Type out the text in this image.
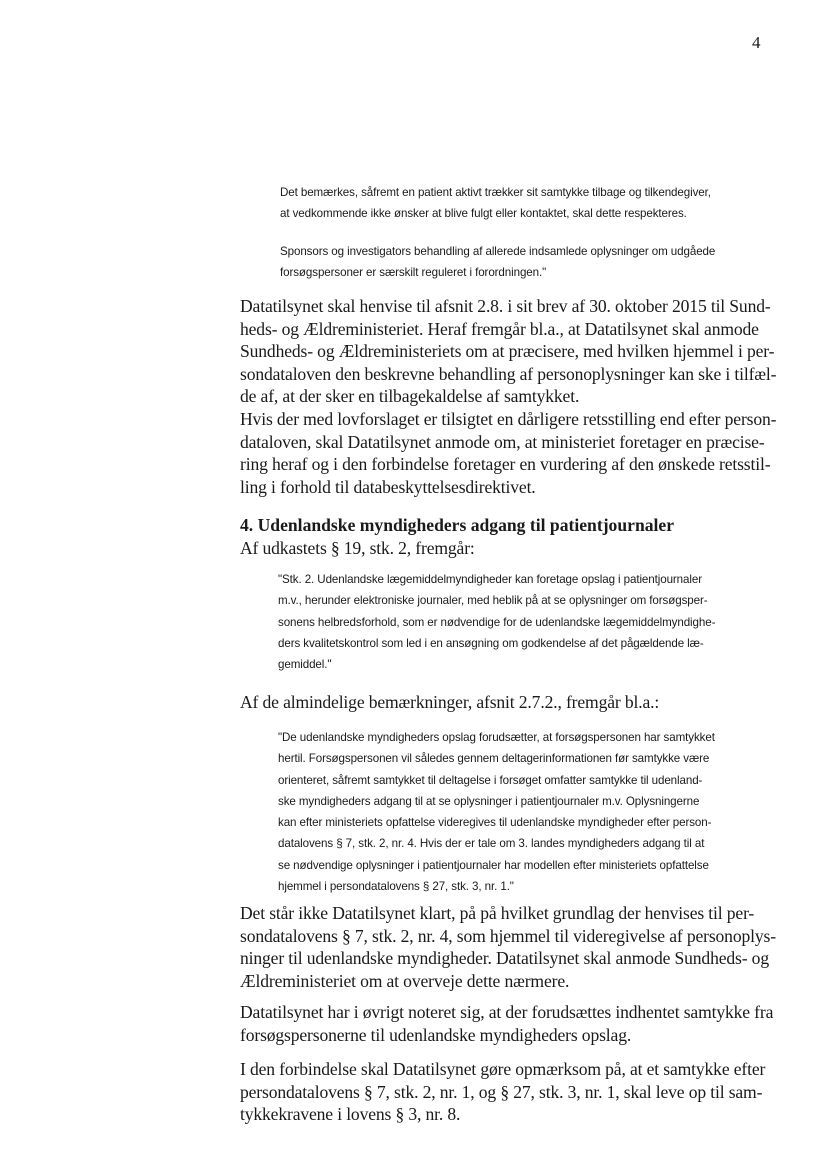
4
Det bemærkes, såfremt en patient aktivt trækker sit samtykke tilbage og tilkendegiver,
at vedkommende ikke ønsker at blive fulgt eller kontaktet, skal dette respekteres.
Sponsors og investigators behandling af allerede indsamlede oplysninger om udgåede
forsøgspersoner er særskilt reguleret i forordningen."
Datatilsynet skal henvise til afsnit 2.8. i sit brev af 30. oktober 2015 til Sund-
heds- og Ældreministeriet. Heraf fremgår bl.a., at Datatilsynet skal anmode
Sundheds- og Ældreministeriets om at præcisere, med hvilken hjemmel i per-
sondataloven den beskrevne behandling af personoplysninger kan ske i tilfæl-
de af, at der sker en tilbagekaldelse af samtykket.
Hvis der med lovforslaget er tilsigtet en dårligere retsstilling end efter person-
dataloven, skal Datatilsynet anmode om, at ministeriet foretager en præcise-
ring heraf og i den forbindelse foretager en vurdering af den ønskede retsstil-
ling i forhold til databeskyttelsesdirektivet.
4. Udenlandske myndigheders adgang til patientjournaler
Af udkastets § 19, stk. 2, fremgår:
"Stk. 2. Udenlandske lægemiddelmyndigheder kan foretage opslag i patientjournaler
m.v., herunder elektroniske journaler, med heblik på at se oplysninger om forsøgsper-
sonens helbredsforhold, som er nødvendige for de udenlandske lægemiddelmyndighe-
ders kvalitetskontrol som led i en ansøgning om godkendelse af det pågældende læ-
gemiddel."
Af de almindelige bemærkninger, afsnit 2.7.2., fremgår bl.a.:
"De udenlandske myndigheders opslag forudsætter, at forsøgspersonen har samtykket
hertil. Forsøgspersonen vil således gennem deltagerinformationen før samtykke være
orienteret, såfremt samtykket til deltagelse i forsøget omfatter samtykke til udenland-
ske myndigheders adgang til at se oplysninger i patientjournaler m.v. Oplysningerne
kan efter ministeriets opfattelse videregives til udenlandske myndigheder efter person-
datalovens § 7, stk. 2, nr. 4. Hvis der er tale om 3. landes myndigheders adgang til at
se nødvendige oplysninger i patientjournaler har modellen efter ministeriets opfattelse
hjemmel i persondatalovens § 27, stk. 3, nr. 1."
Det står ikke Datatilsynet klart, på på hvilket grundlag der henvises til per-
sondatalovens § 7, stk. 2, nr. 4, som hjemmel til videregivelse af personoplys-
ninger til udenlandske myndigheder. Datatilsynet skal anmode Sundheds- og
Ældreministeriet om at overveje dette nærmere.
Datatilsynet har i øvrigt noteret sig, at der forudsættes indhentet samtykke fra
forsøgspersonerne til udenlandske myndigheders opslag.
I den forbindelse skal Datatilsynet gøre opmærksom på, at et samtykke efter
persondatalovens § 7, stk. 2, nr. 1, og § 27, stk. 3, nr. 1, skal leve op til sam-
tykkekravene i lovens § 3, nr. 8.
